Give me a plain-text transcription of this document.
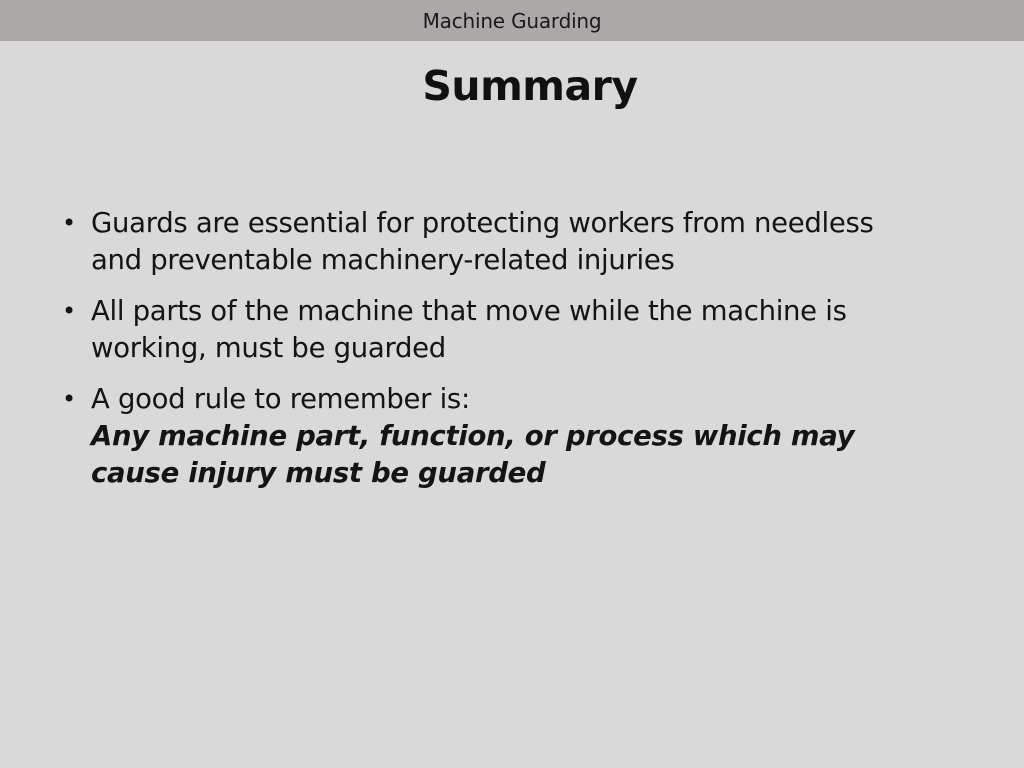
Machine Guarding
Summary
• Guards are essential for protecting workers from needless and preventable machinery-related injuries
• All parts of the machine that move while the machine is working, must be guarded
• A good rule to remember is:
Any machine part, function, or process which may cause injury must be guarded
